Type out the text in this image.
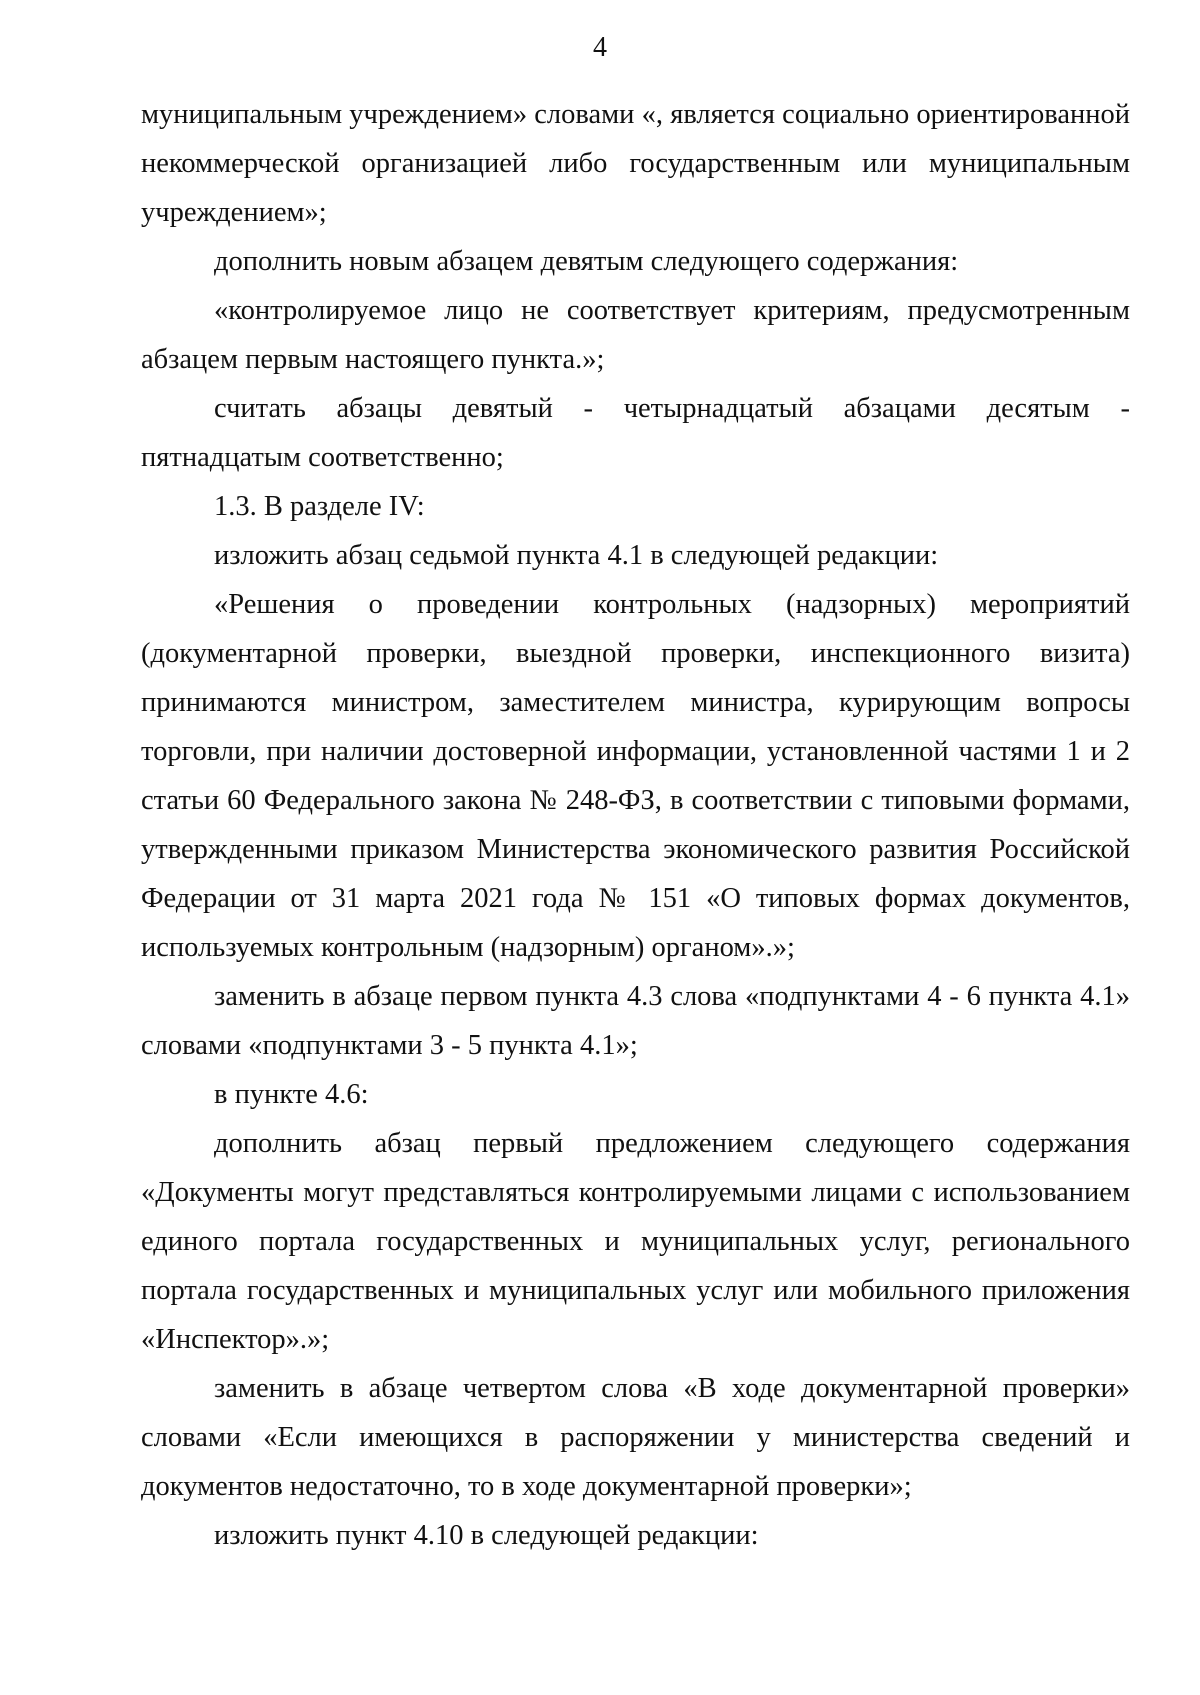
4

муниципальным учреждением» словами «, является социально ориентированной некоммерческой организацией либо государственным или муниципальным учреждением»;

дополнить новым абзацем девятым следующего содержания:

«контролируемое лицо не соответствует критериям, предусмотренным абзацем первым настоящего пункта.»;

считать абзацы девятый - четырнадцатый абзацами десятым - пятнадцатым соответственно;

1.3. В разделе IV:

изложить абзац седьмой пункта 4.1 в следующей редакции:

«Решения о проведении контрольных (надзорных) мероприятий (документарной проверки, выездной проверки, инспекционного визита) принимаются министром, заместителем министра, курирующим вопросы торговли, при наличии достоверной информации, установленной частями 1 и 2 статьи 60 Федерального закона № 248-ФЗ, в соответствии с типовыми формами, утвержденными приказом Министерства экономического развития Российской Федерации от 31 марта 2021 года № 151 «О типовых формах документов, используемых контрольным (надзорным) органом».»;

заменить в абзаце первом пункта 4.3 слова «подпунктами 4 - 6 пункта 4.1» словами «подпунктами 3 - 5 пункта 4.1»;

в пункте 4.6:

дополнить абзац первый предложением следующего содержания «Документы могут представляться контролируемыми лицами с использованием единого портала государственных и муниципальных услуг, регионального портала государственных и муниципальных услуг или мобильного приложения «Инспектор».»;

заменить в абзаце четвертом слова «В ходе документарной проверки» словами «Если имеющихся в распоряжении у министерства сведений и документов недостаточно, то в ходе документарной проверки»;

изложить пункт 4.10 в следующей редакции:
